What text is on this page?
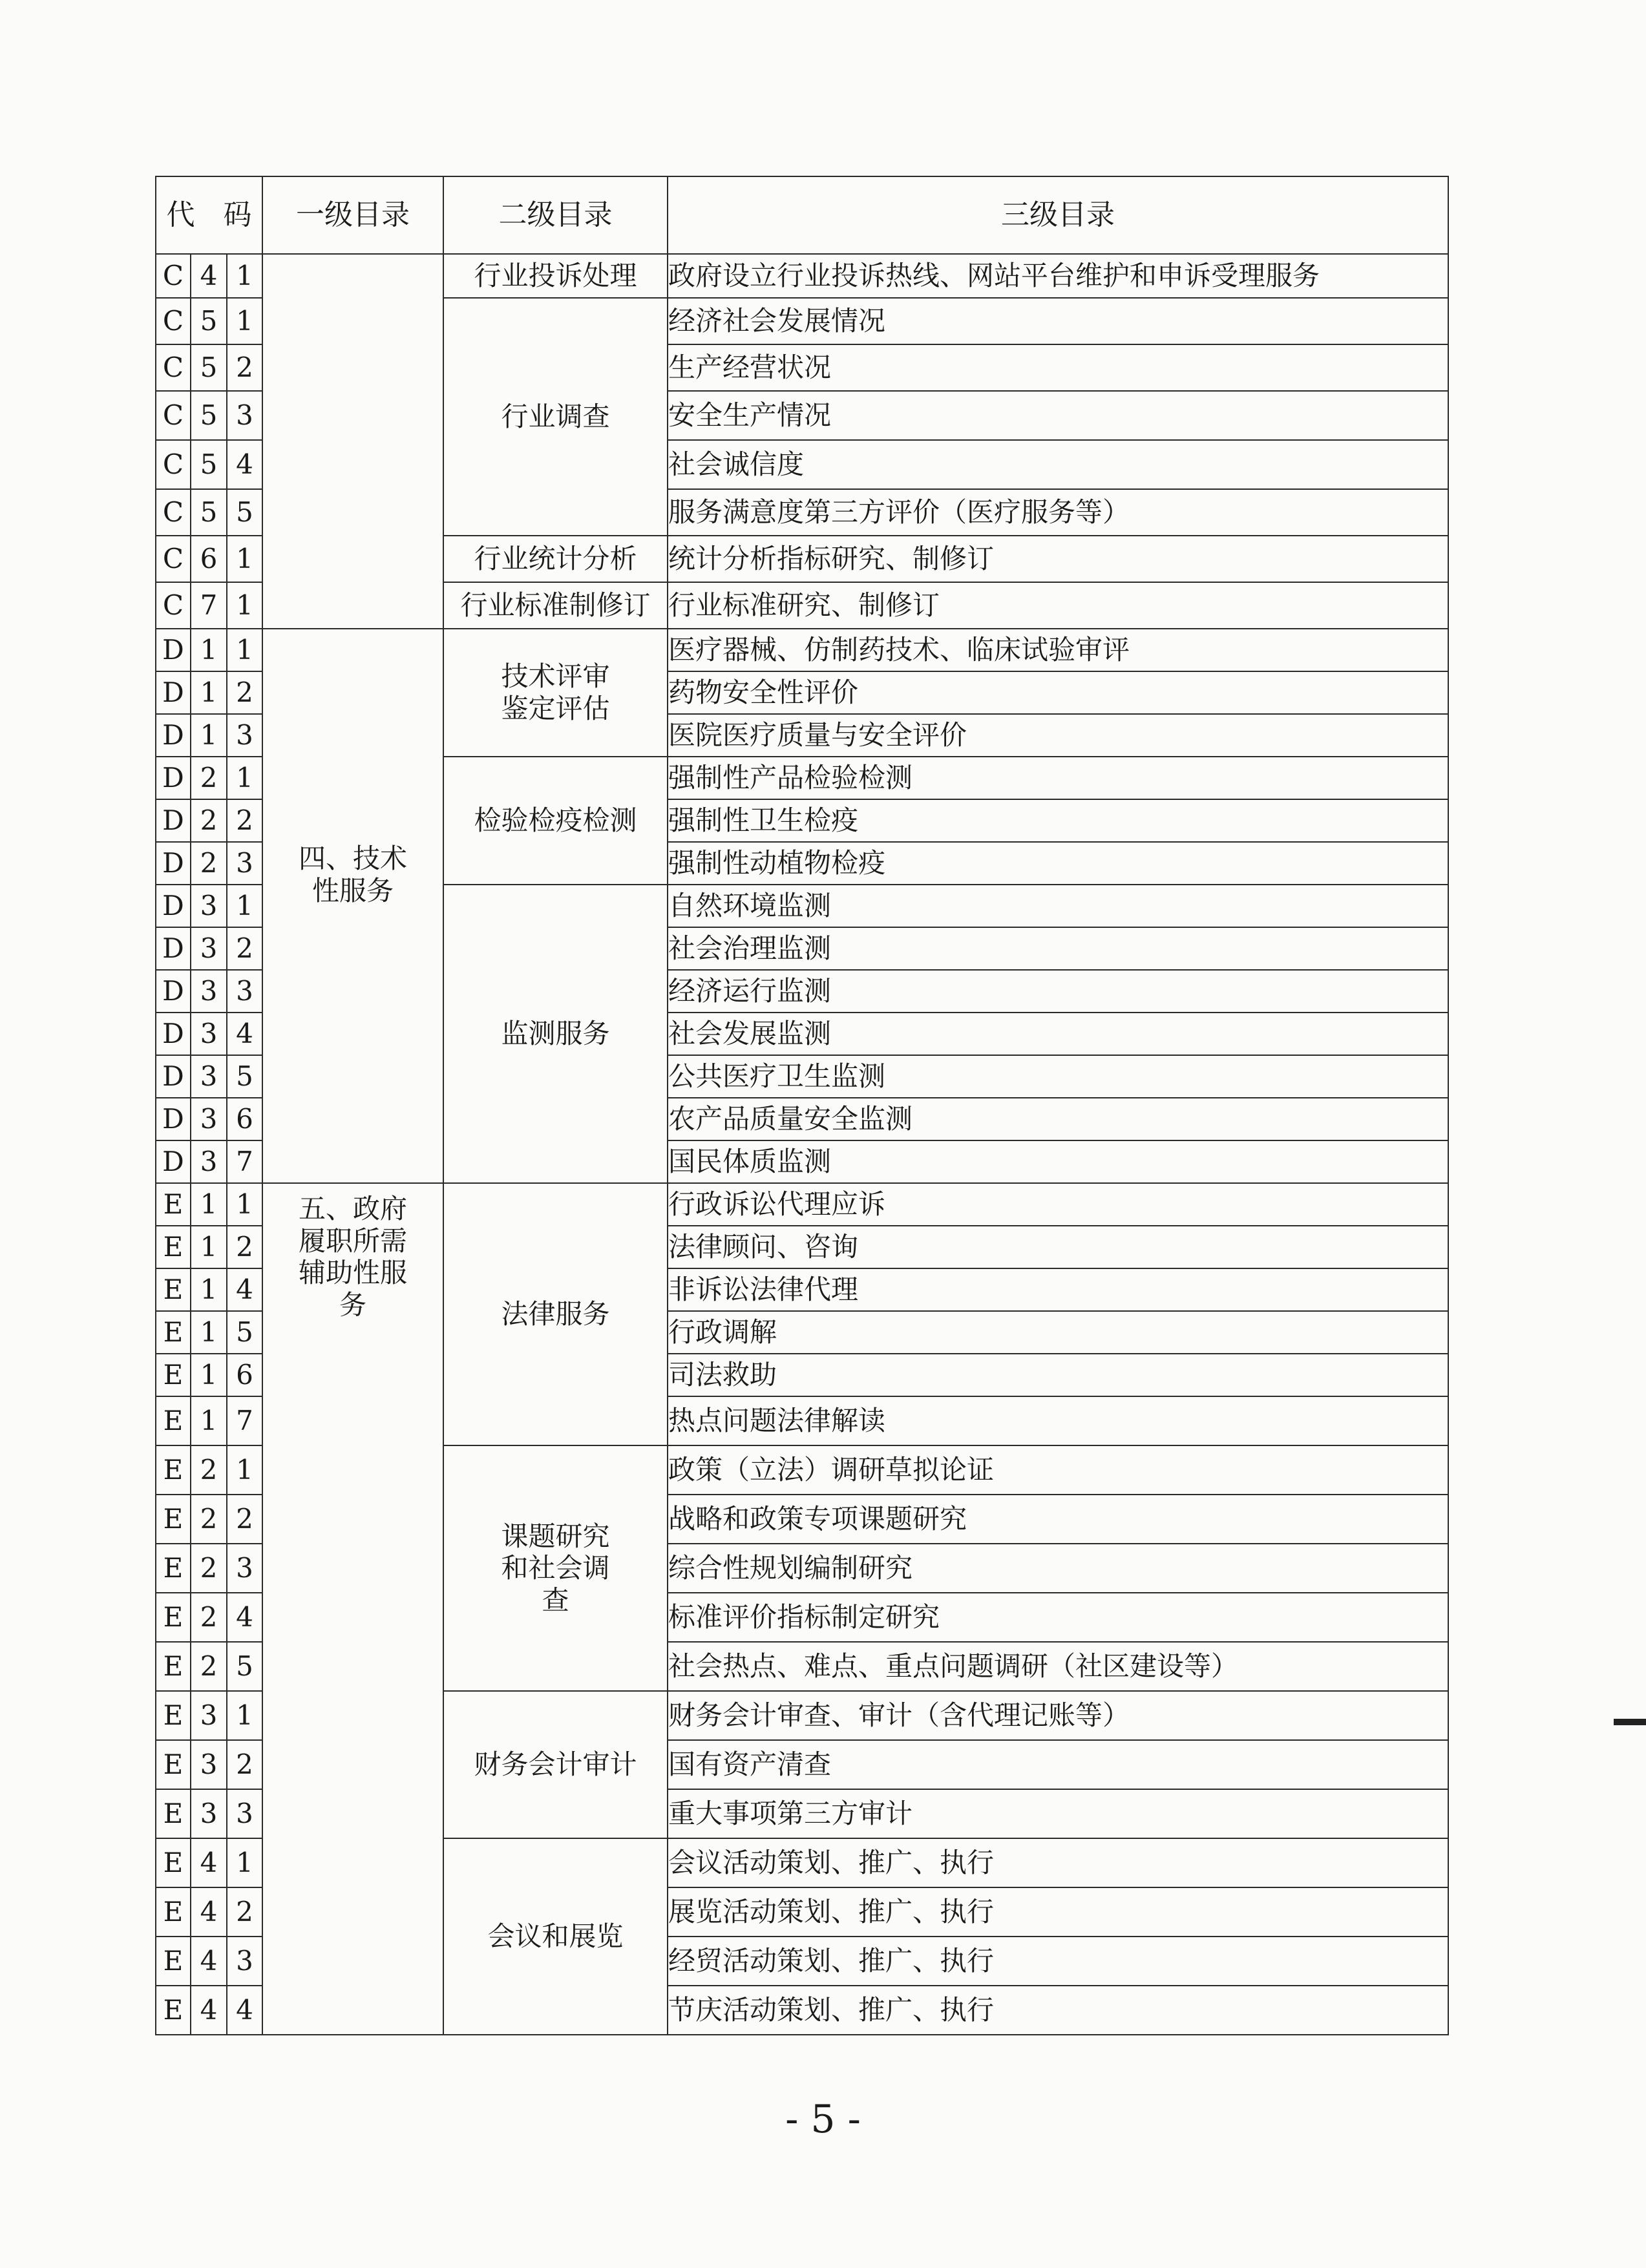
代　码			一级目录	二级目录	三级目录
C	4	1		行业投诉处理	政府设立行业投诉热线、网站平台维护和申诉受理服务
C	5	1		行业调查	经济社会发展情况
C	5	2			生产经营状况
C	5	3			安全生产情况
C	5	4			社会诚信度
C	5	5			服务满意度第三方评价（医疗服务等）
C	6	1		行业统计分析	统计分析指标研究、制修订
C	7	1		行业标准制修订	行业标准研究、制修订
D	1	1	四、技术性服务	技术评审鉴定评估	医疗器械、仿制药技术、临床试验审评
D	1	2			药物安全性评价
D	1	3			医院医疗质量与安全评价
D	2	1		检验检疫检测	强制性产品检验检测
D	2	2			强制性卫生检疫
D	2	3			强制性动植物检疫
D	3	1		监测服务	自然环境监测
D	3	2			社会治理监测
D	3	3			经济运行监测
D	3	4			社会发展监测
D	3	5			公共医疗卫生监测
D	3	6			农产品质量安全监测
D	3	7			国民体质监测
E	1	1	五、政府履职所需辅助性服务	法律服务	行政诉讼代理应诉
E	1	2			法律顾问、咨询
E	1	4			非诉讼法律代理
E	1	5			行政调解
E	1	6			司法救助
E	1	7			热点问题法律解读
E	2	1		课题研究和社会调查	政策（立法）调研草拟论证
E	2	2			战略和政策专项课题研究
E	2	3			综合性规划编制研究
E	2	4			标准评价指标制定研究
E	2	5			社会热点、难点、重点问题调研（社区建设等）
E	3	1		财务会计审计	财务会计审查、审计（含代理记账等）
E	3	2			国有资产清查
E	3	3			重大事项第三方审计
E	4	1		会议和展览	会议活动策划、推广、执行
E	4	2			展览活动策划、推广、执行
E	4	3			经贸活动策划、推广、执行
E	4	4			节庆活动策划、推广、执行
- 5 -
